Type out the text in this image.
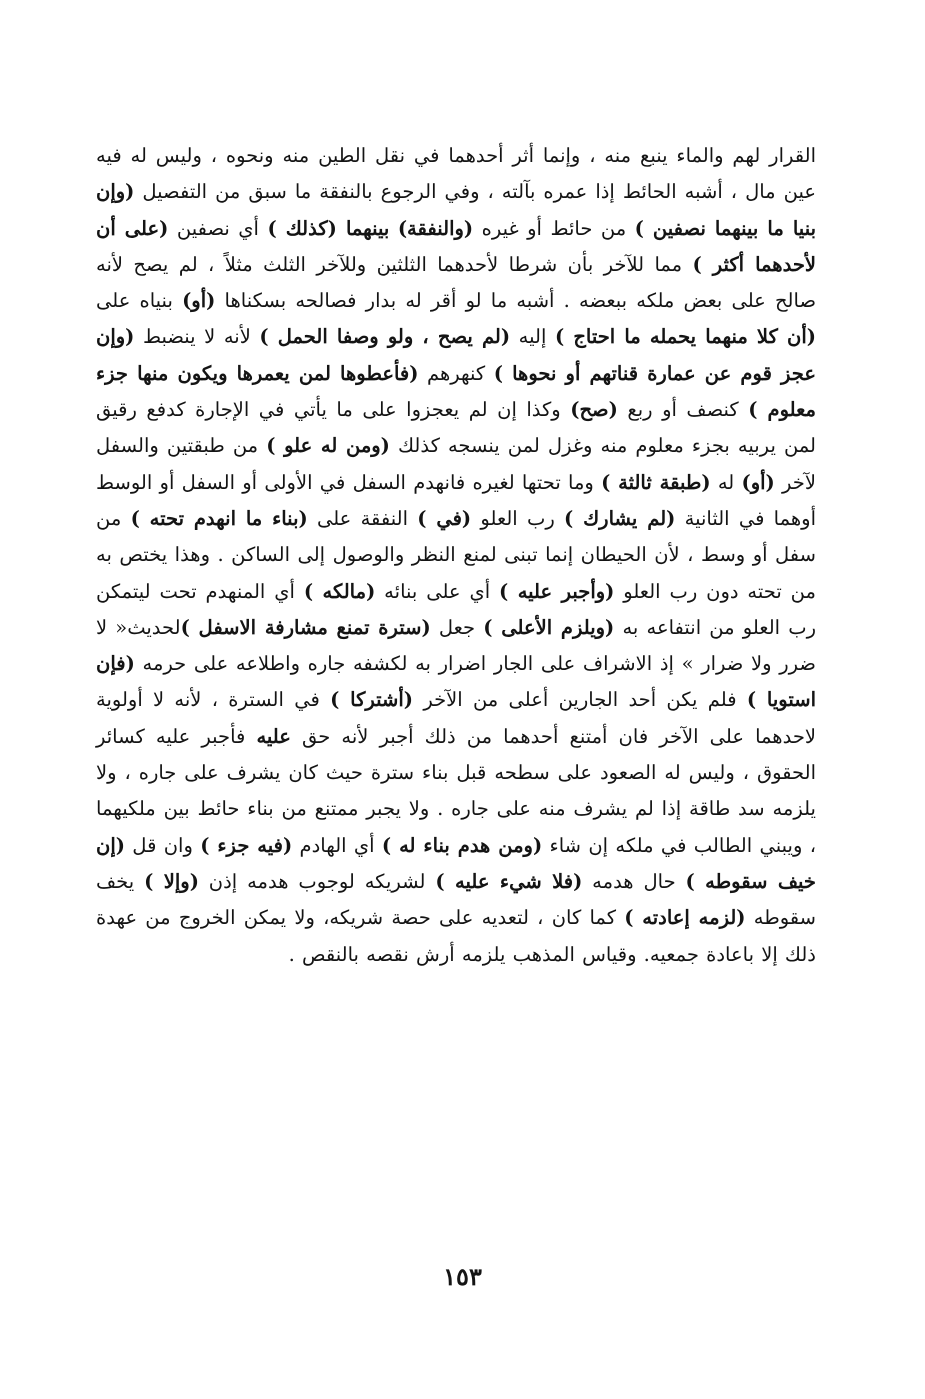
القرار لهم والماء ينبع منه ، وإنما أثر أحدهما في نقل الطين منه ونحوه ، وليس له فيه عين مال ، أشبه الحائط إذا عمره بآلته ، وفي الرجوع بالنفقة ما سبق من التفصيل (وإن بنيا ما بينهما نصفين ) من حائط أو غيره (والنفقة) بينهما (كذلك ) أي نصفين (على أن لأحدهما أكثر ) مما للآخر بأن شرطا لأحدهما الثلثين وللآخر الثلث مثلاً ، لم يصح لأنه صالح على بعض ملكه ببعضه . أشبه ما لو أقر له بدار فصالحه بسكناها (أو) بنياه على (أن كلا منهما يحمله ما احتاج ) إليه (لم يصح ، ولو وصفا الحمل ) لأنه لا ينضبط (وإن عجز قوم عن عمارة قناتهم أو نحوها ) كنهرهم (فأعطوها لمن يعمرها ويكون منها جزء معلوم ) كنصف أو ربع (صح) وكذا إن لم يعجزوا على ما يأتي في الإجارة كدفع رقيق لمن يربيه بجزء معلوم منه وغزل لمن ينسجه كذلك (ومن له علو ) من طبقتين والسفل لآخر (أو) له (طبقة ثالثة ) وما تحتها لغيره فانهدم السفل في الأولى أو السفل أو الوسط أوهما في الثانية (لم يشارك ) رب العلو (في ) النفقة على (بناء ما انهدم تحته ) من سفل أو وسط ، لأن الحيطان إنما تبنى لمنع النظر والوصول إلى الساكن . وهذا يختص به من تحته دون رب العلو (وأجبر عليه ) أي على بنائه (مالكه ) أي المنهدم تحت ليتمكن رب العلو من انتفاعه به (ويلزم الأعلى ) جعل (سترة تمنع مشارفة الاسفل )لحديث« لا ضرر ولا ضرار » إذ الاشراف على الجار اضرار به لكشفه جاره واطلاعه على حرمه (فإن استويا ) فلم يكن أحد الجارين أعلى من الآخر (أشتركا ) في السترة ، لأنه لا أولوية لاحدهما على الآخر فان أمتنع أحدهما من ذلك أجبر لأنه حق عليه فأجبر عليه كسائر الحقوق ، وليس له الصعود على سطحه قبل بناء سترة حيث كان يشرف على جاره ، ولا يلزمه سد طاقة إذا لم يشرف منه على جاره . ولا يجبر ممتنع من بناء حائط بين ملكيهما ، ويبني الطالب في ملكه إن شاء (ومن هدم بناء له ) أي الهادم (فيه جزء ) وان قل (إن خيف سقوطه ) حال هدمه (فلا شيء عليه ) لشريكه لوجوب هدمه إذن (وإلا ) يخف سقوطه (لزمه إعادته ) كما كان ، لتعديه على حصة شريكه، ولا يمكن الخروج من عهدة ذلك إلا باعادة جمعيه. وقياس المذهب يلزمه أرش نقصه بالنقص .

١٥٣
